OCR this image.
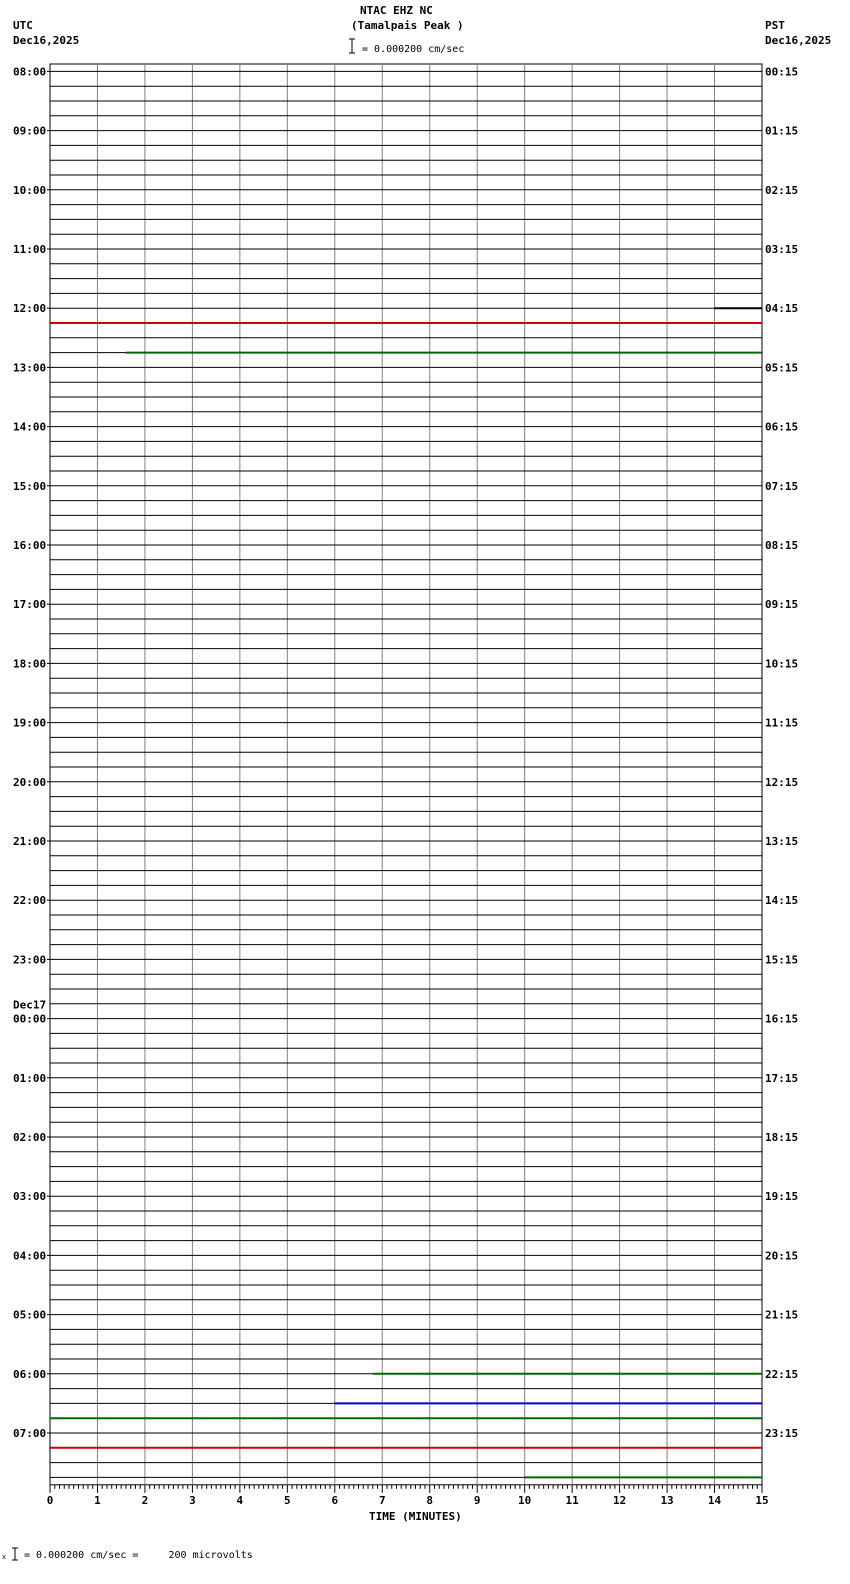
NTAC EHZ NC
(Tamalpais Peak )
UTC
Dec16,2025
PST
Dec16,2025
x
08:00
09:00
10:00
11:00
12:00
13:00
14:00
15:00
16:00
17:00
18:00
19:00
20:00
21:00
22:00
23:00
00:00
01:00
02:00
03:00
04:00
05:00
06:00
07:00
00:15
01:15
02:15
03:15
04:15
05:15
06:15
07:15
08:15
09:15
10:15
11:15
12:15
13:15
14:15
15:15
16:15
17:15
18:15
19:15
20:15
21:15
22:15
23:15
Dec17
0	1	2	3	4	5	6	7	8	9	10	11	12	13	14	15
= 0.000200 cm/sec
= 0.000200 cm/sec =     200 microvolts
TIME (MINUTES)
